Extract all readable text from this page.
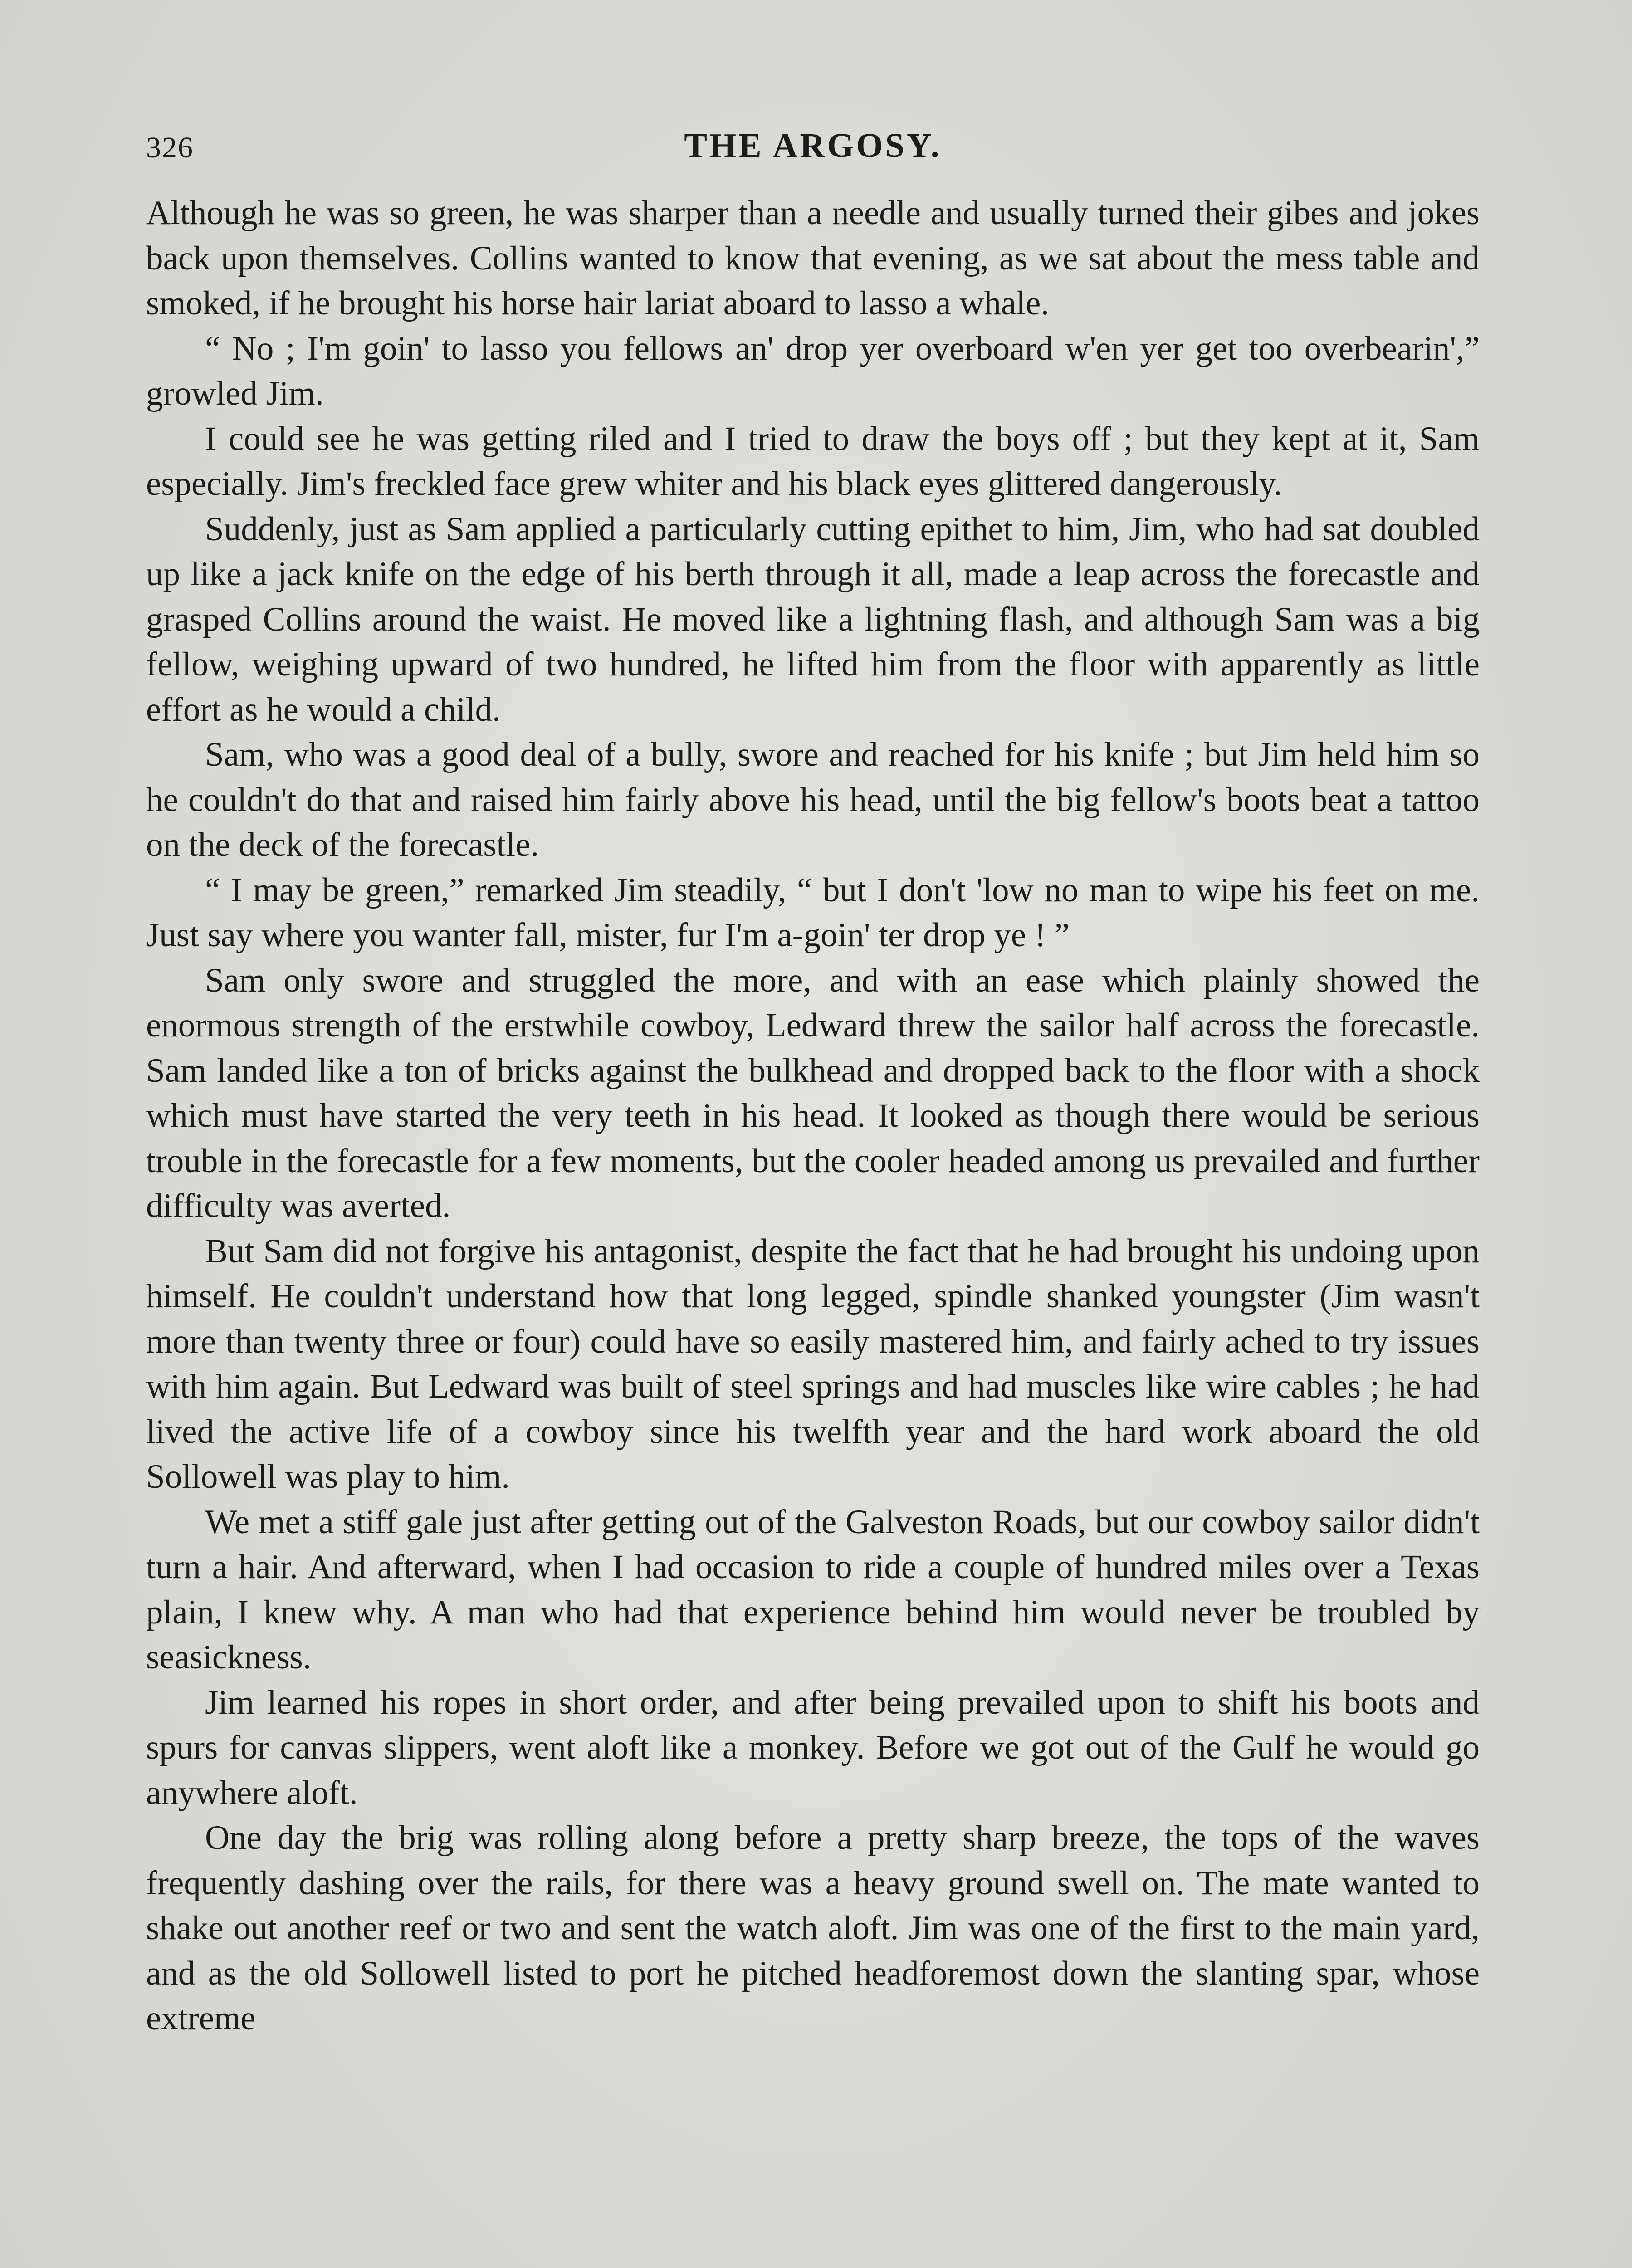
326	THE ARGOSY.

Although he was so green, he was sharper than a needle and usually turned their gibes and jokes back upon themselves. Collins wanted to know that evening, as we sat about the mess table and smoked, if he brought his horse hair lariat aboard to lasso a whale.

“ No ; I'm goin' to lasso you fellows an' drop yer overboard w'en yer get too overbearin',” growled Jim.

I could see he was getting riled and I tried to draw the boys off ; but they kept at it, Sam especially. Jim's freckled face grew whiter and his black eyes glittered dangerously.

Suddenly, just as Sam applied a particularly cutting epithet to him, Jim, who had sat doubled up like a jack knife on the edge of his berth through it all, made a leap across the forecastle and grasped Collins around the waist. He moved like a lightning flash, and although Sam was a big fellow, weighing upward of two hundred, he lifted him from the floor with apparently as little effort as he would a child.

Sam, who was a good deal of a bully, swore and reached for his knife ; but Jim held him so he couldn't do that and raised him fairly above his head, until the big fellow's boots beat a tattoo on the deck of the forecastle.

“ I may be green,” remarked Jim steadily, “ but I don't 'low no man to wipe his feet on me. Just say where you wanter fall, mister, fur I'm a-goin' ter drop ye ! ”

Sam only swore and struggled the more, and with an ease which plainly showed the enormous strength of the erstwhile cowboy, Ledward threw the sailor half across the forecastle. Sam landed like a ton of bricks against the bulkhead and dropped back to the floor with a shock which must have started the very teeth in his head. It looked as though there would be serious trouble in the forecastle for a few moments, but the cooler headed among us prevailed and further difficulty was averted.

But Sam did not forgive his antagonist, despite the fact that he had brought his undoing upon himself. He couldn't understand how that long legged, spindle shanked youngster (Jim wasn't more than twenty three or four) could have so easily mastered him, and fairly ached to try issues with him again. But Ledward was built of steel springs and had muscles like wire cables ; he had lived the active life of a cowboy since his twelfth year and the hard work aboard the old Sollowell was play to him.

We met a stiff gale just after getting out of the Galveston Roads, but our cowboy sailor didn't turn a hair. And afterward, when I had occasion to ride a couple of hundred miles over a Texas plain, I knew why. A man who had that experience behind him would never be troubled by seasickness.

Jim learned his ropes in short order, and after being prevailed upon to shift his boots and spurs for canvas slippers, went aloft like a monkey. Before we got out of the Gulf he would go anywhere aloft.

One day the brig was rolling along before a pretty sharp breeze, the tops of the waves frequently dashing over the rails, for there was a heavy ground swell on. The mate wanted to shake out another reef or two and sent the watch aloft. Jim was one of the first to the main yard, and as the old Sollowell listed to port he pitched headforemost down the slanting spar, whose extreme
